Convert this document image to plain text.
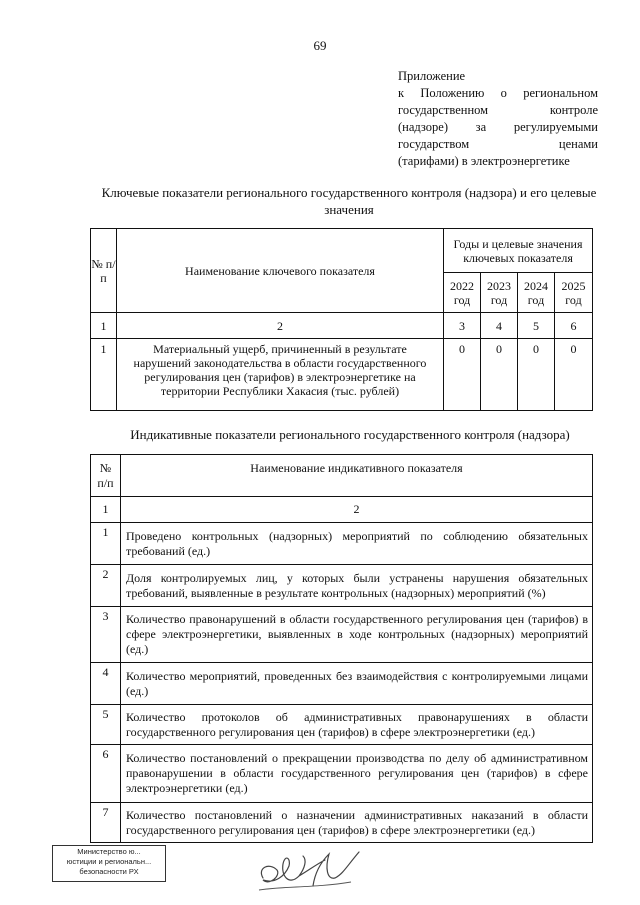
69
Приложение
к Положению о региональном
государственном контроле
(надзоре) за регулируемыми
государством ценами
(тарифами) в электроэнергетике
Ключевые показатели регионального государственного контроля (надзора) и его целевые значения
№ п/п	Наименование ключевого показателя	Годы и целевые значения ключевых показателя			
		2022 год	2023 год	2024 год	2025 год
1	2	3	4	5	6
1	Материальный ущерб, причиненный в результате нарушений законодательства в области государственного регулирования цен (тарифов) в электроэнергетике на территории Республики Хакасия (тыс. рублей)	0	0	0	0
Индикативные показатели регионального государственного контроля (надзора)
№ п/п	Наименование индикативного показателя
1	2
1	Проведено контрольных (надзорных) мероприятий по соблюдению обязательных требований (ед.)
2	Доля контролируемых лиц, у которых были устранены нарушения обязательных требований, выявленные в результате контрольных (надзорных) мероприятий (%)
3	Количество правонарушений в области государственного регулирования цен (тарифов) в сфере электроэнергетики, выявленных в ходе контрольных (надзорных) мероприятий (ед.)
4	Количество мероприятий, проведенных без взаимодействия с контролируемыми лицами (ед.)
5	Количество протоколов об административных правонарушениях в области государственного регулирования цен (тарифов) в сфере электроэнергетики (ед.)
6	Количество постановлений о прекращении производства по делу об административном правонарушении в области государственного регулирования цен (тарифов) в сфере электроэнергетики (ед.)
7	Количество постановлений о назначении административных наказаний в области государственного регулирования цен (тарифов) в сфере электроэнергетики (ед.)
Министерство ю...
юстиции и региональн...
безопасности РХ
